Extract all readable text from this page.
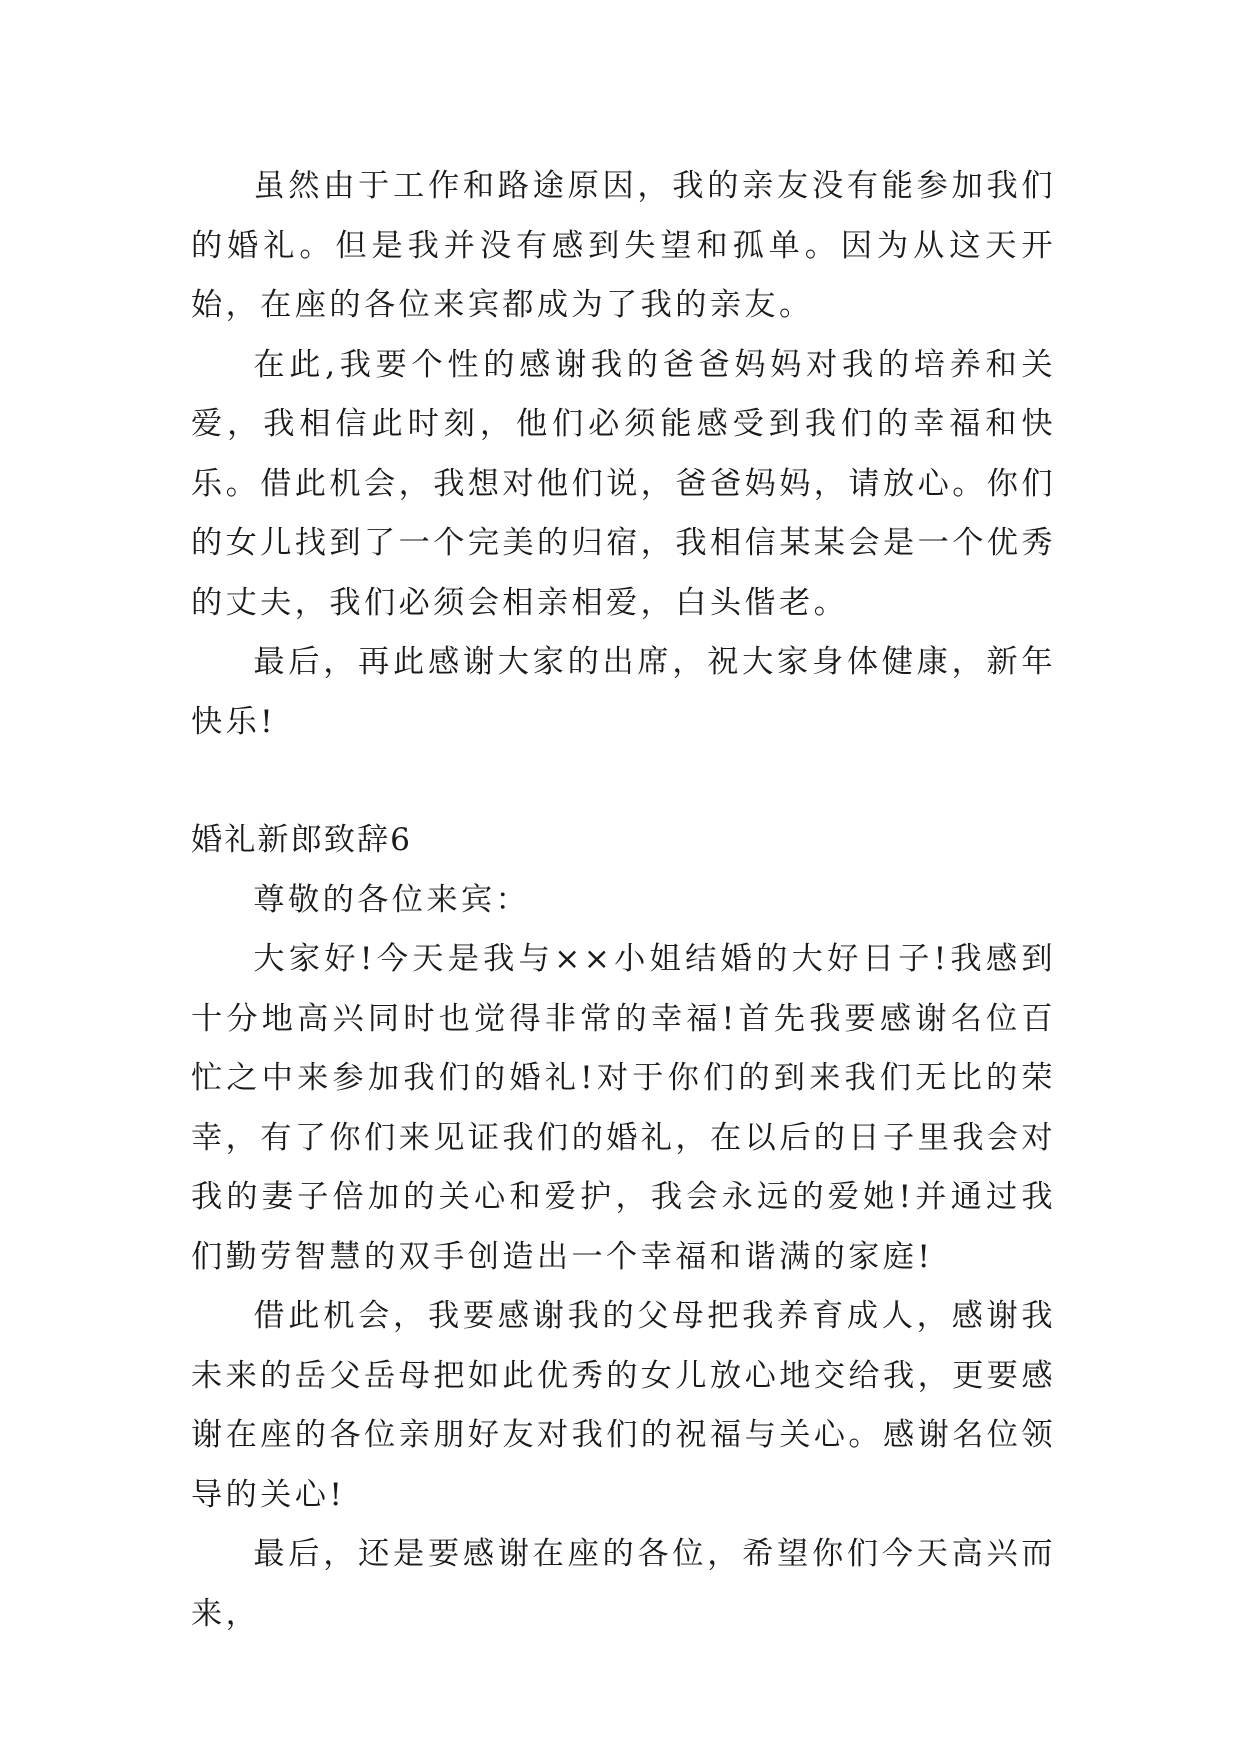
虽然由于工作和路途原因，我的亲友没有能参加我们的婚礼。但是我并没有感到失望和孤单。因为从这天开始，在座的各位来宾都成为了我的亲友。

在此,我要个性的感谢我的爸爸妈妈对我的培养和关爱，我相信此时刻，他们必须能感受到我们的幸福和快乐。借此机会，我想对他们说，爸爸妈妈，请放心。你们的女儿找到了一个完美的归宿，我相信某某会是一个优秀的丈夫，我们必须会相亲相爱，白头偕老。

最后，再此感谢大家的出席，祝大家身体健康，新年快乐!

婚礼新郎致辞6

尊敬的各位来宾：

大家好!今天是我与××小姐结婚的大好日子!我感到十分地高兴同时也觉得非常的幸福!首先我要感谢名位百忙之中来参加我们的婚礼!对于你们的到来我们无比的荣幸，有了你们来见证我们的婚礼，在以后的日子里我会对我的妻子倍加的关心和爱护，我会永远的爱她!并通过我们勤劳智慧的双手创造出一个幸福和谐满的家庭!

借此机会，我要感谢我的父母把我养育成人，感谢我未来的岳父岳母把如此优秀的女儿放心地交给我，更要感谢在座的各位亲朋好友对我们的祝福与关心。感谢名位领导的关心!

最后，还是要感谢在座的各位，希望你们今天高兴而来，
